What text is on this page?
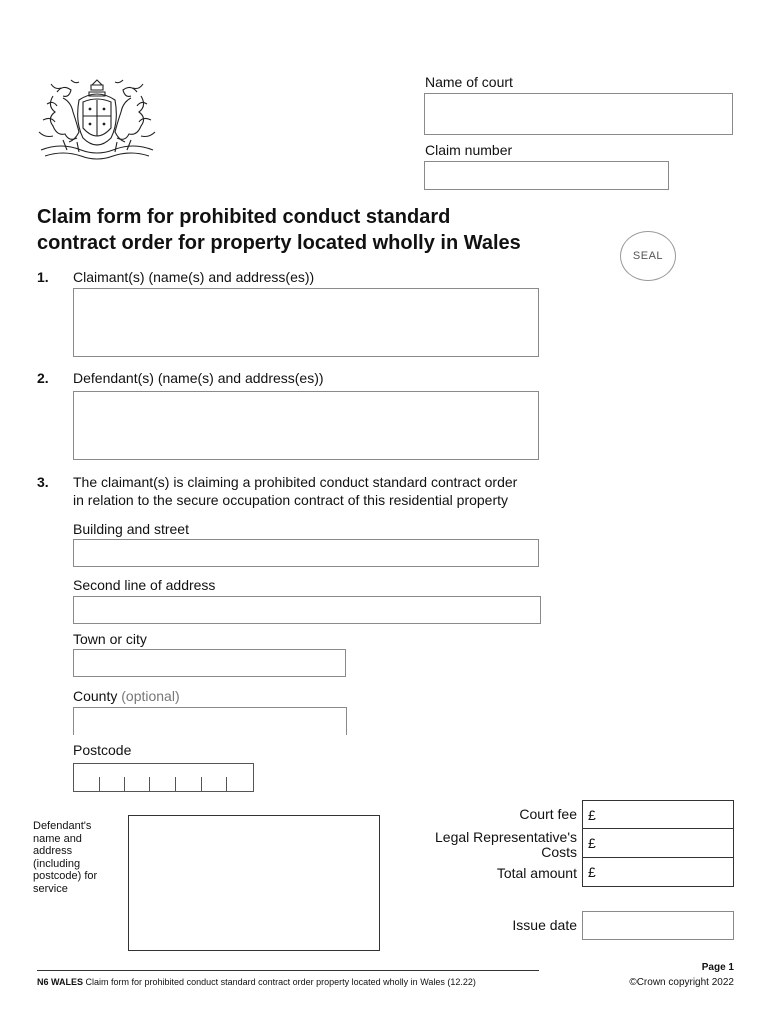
Name of court
Claim number
Claim form for prohibited conduct standard
contract order for property located wholly in Wales
SEAL
1. Claimant(s) (name(s) and address(es))
2. Defendant(s) (name(s) and address(es))
3. The claimant(s) is claiming a prohibited conduct standard contract order
in relation to the secure occupation contract of this residential property
Building and street
Second line of address
Town or city
County (optional)
Postcode
Defendant's
name and
address
(including
postcode) for
service
Court fee £
Legal Representative's
Costs
£
Total amount £
Issue date
N6 WALES Claim form for prohibited conduct standard contract order property located wholly in Wales (12.22)
Page 1
©Crown copyright 2022
